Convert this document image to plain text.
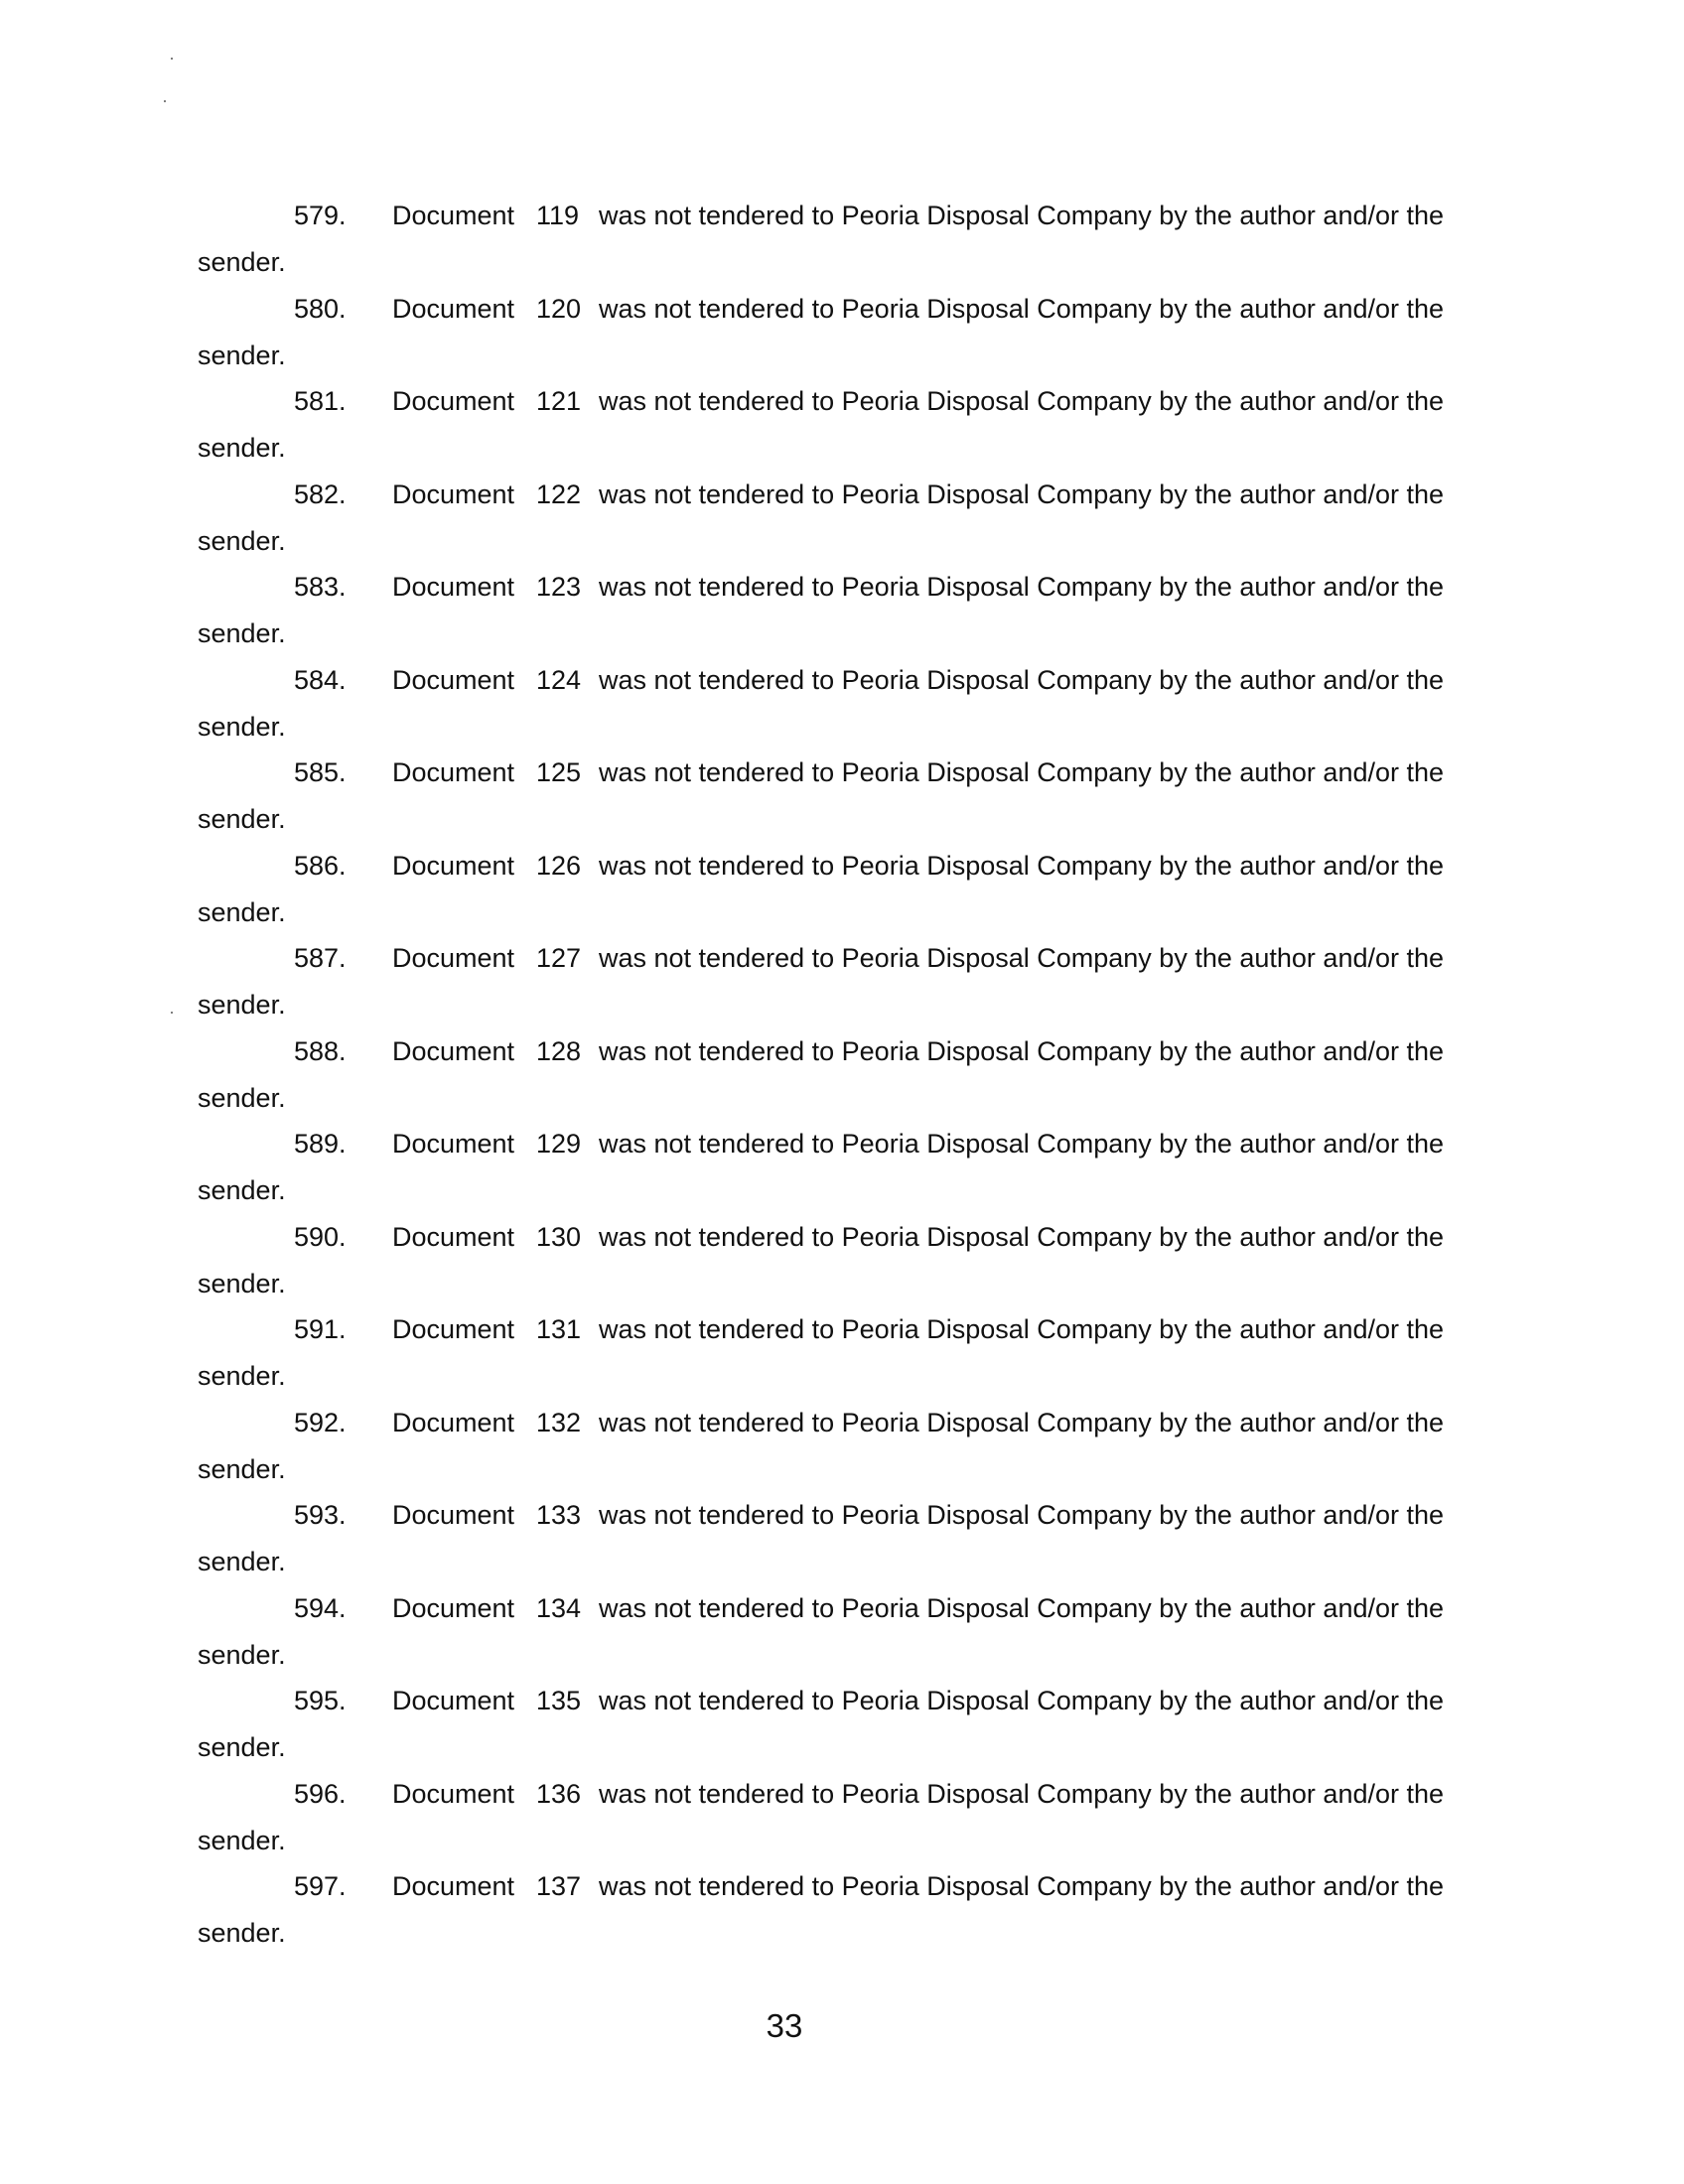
579. Document 119 was not tendered to Peoria Disposal Company by the author and/or the
sender.
580. Document 120 was not tendered to Peoria Disposal Company by the author and/or the
sender.
581. Document 121 was not tendered to Peoria Disposal Company by the author and/or the
sender.
582. Document 122 was not tendered to Peoria Disposal Company by the author and/or the
sender.
583. Document 123 was not tendered to Peoria Disposal Company by the author and/or the
sender.
584. Document 124 was not tendered to Peoria Disposal Company by the author and/or the
sender.
585. Document 125 was not tendered to Peoria Disposal Company by the author and/or the
sender.
586. Document 126 was not tendered to Peoria Disposal Company by the author and/or the
sender.
587. Document 127 was not tendered to Peoria Disposal Company by the author and/or the
sender.
588. Document 128 was not tendered to Peoria Disposal Company by the author and/or the
sender.
589. Document 129 was not tendered to Peoria Disposal Company by the author and/or the
sender.
590. Document 130 was not tendered to Peoria Disposal Company by the author and/or the
sender.
591. Document 131 was not tendered to Peoria Disposal Company by the author and/or the
sender.
592. Document 132 was not tendered to Peoria Disposal Company by the author and/or the
sender.
593. Document 133 was not tendered to Peoria Disposal Company by the author and/or the
sender.
594. Document 134 was not tendered to Peoria Disposal Company by the author and/or the
sender.
595. Document 135 was not tendered to Peoria Disposal Company by the author and/or the
sender.
596. Document 136 was not tendered to Peoria Disposal Company by the author and/or the
sender.
597. Document 137 was not tendered to Peoria Disposal Company by the author and/or the
sender.
33
